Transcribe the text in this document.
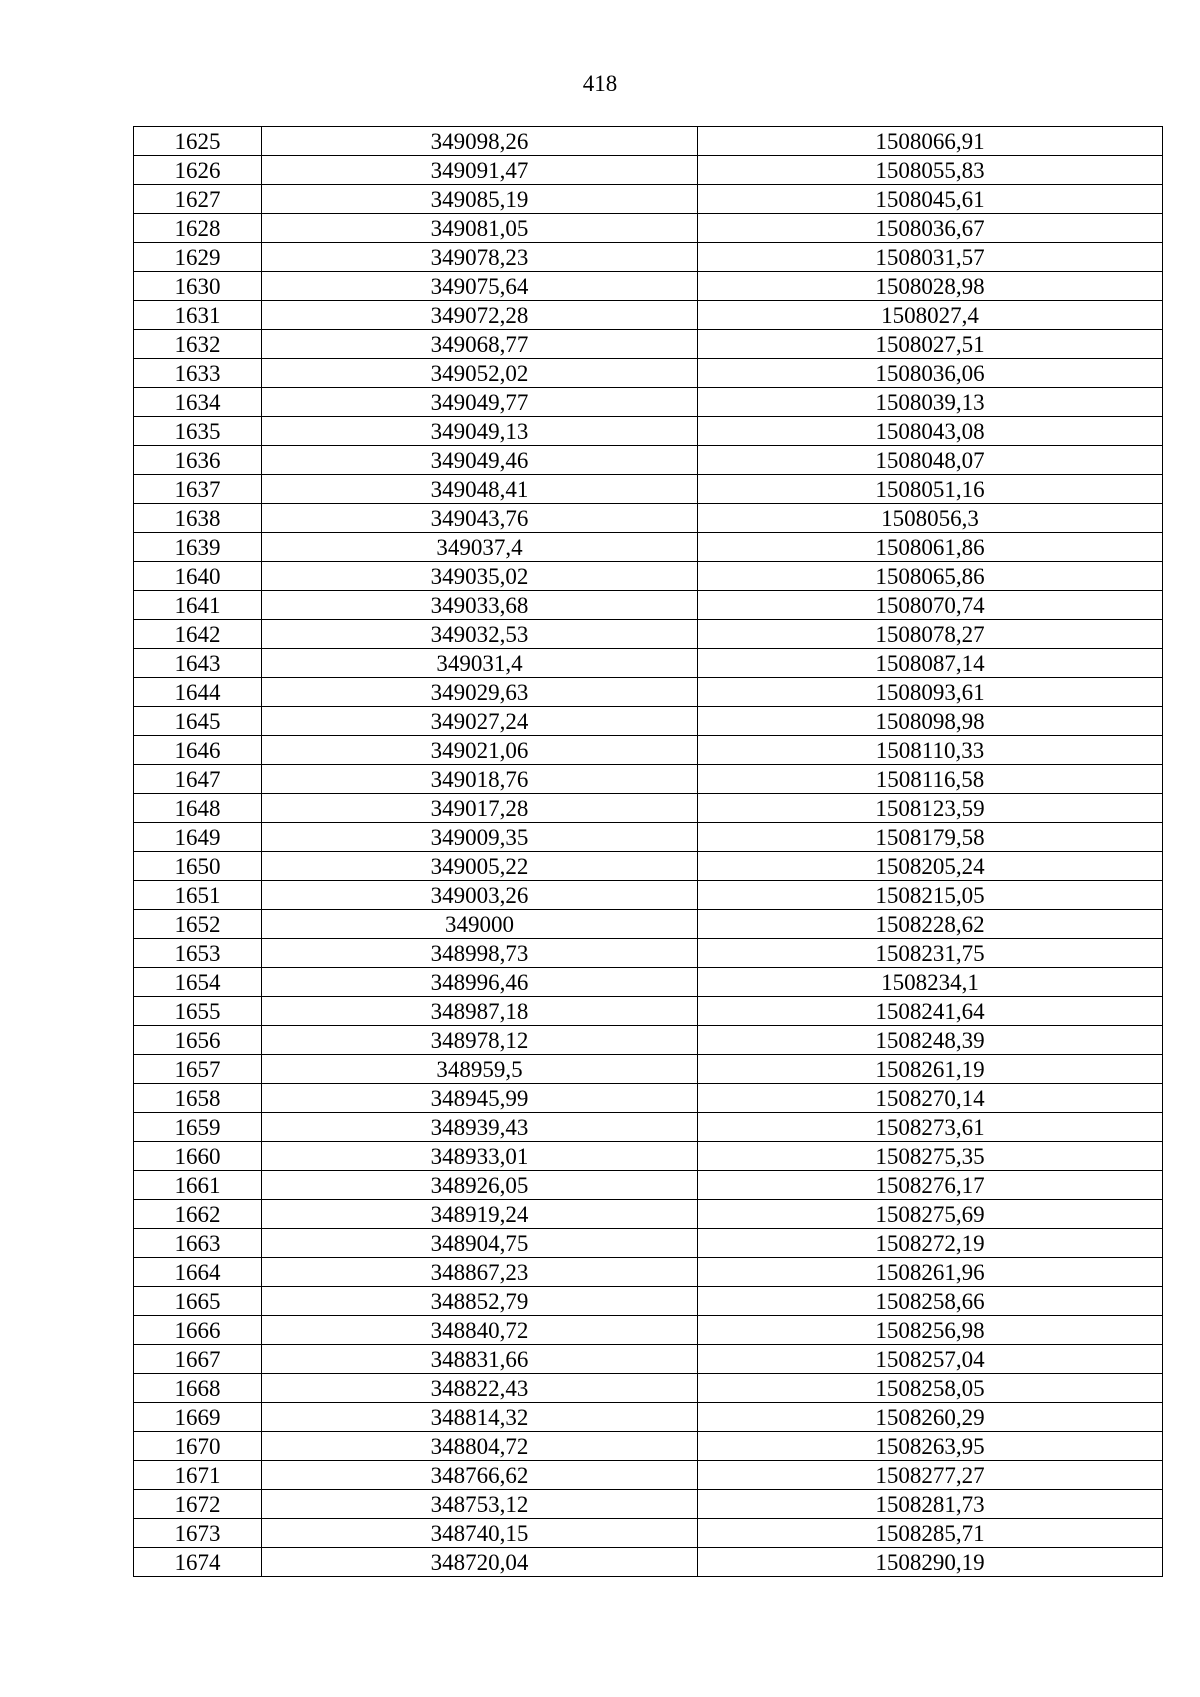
418
1625	349098,26	1508066,91
1626	349091,47	1508055,83
1627	349085,19	1508045,61
1628	349081,05	1508036,67
1629	349078,23	1508031,57
1630	349075,64	1508028,98
1631	349072,28	1508027,4
1632	349068,77	1508027,51
1633	349052,02	1508036,06
1634	349049,77	1508039,13
1635	349049,13	1508043,08
1636	349049,46	1508048,07
1637	349048,41	1508051,16
1638	349043,76	1508056,3
1639	349037,4	1508061,86
1640	349035,02	1508065,86
1641	349033,68	1508070,74
1642	349032,53	1508078,27
1643	349031,4	1508087,14
1644	349029,63	1508093,61
1645	349027,24	1508098,98
1646	349021,06	1508110,33
1647	349018,76	1508116,58
1648	349017,28	1508123,59
1649	349009,35	1508179,58
1650	349005,22	1508205,24
1651	349003,26	1508215,05
1652	349000	1508228,62
1653	348998,73	1508231,75
1654	348996,46	1508234,1
1655	348987,18	1508241,64
1656	348978,12	1508248,39
1657	348959,5	1508261,19
1658	348945,99	1508270,14
1659	348939,43	1508273,61
1660	348933,01	1508275,35
1661	348926,05	1508276,17
1662	348919,24	1508275,69
1663	348904,75	1508272,19
1664	348867,23	1508261,96
1665	348852,79	1508258,66
1666	348840,72	1508256,98
1667	348831,66	1508257,04
1668	348822,43	1508258,05
1669	348814,32	1508260,29
1670	348804,72	1508263,95
1671	348766,62	1508277,27
1672	348753,12	1508281,73
1673	348740,15	1508285,71
1674	348720,04	1508290,19
